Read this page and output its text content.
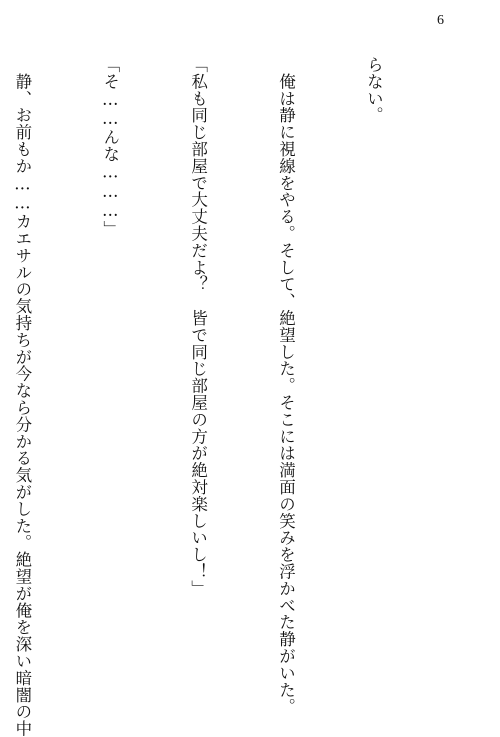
6

らない。

　俺は静に視線をやる。そして、絶望した。そこには満面の笑みを浮かべた静がいた。

「私も同じ部屋で大丈夫だよ？　皆で同じ部屋の方が絶対楽しいし！」

「そ……んな………」

　静、お前もか……カエサルの気持ちが今なら分かる気がした。絶望が俺を深い暗闇の中
